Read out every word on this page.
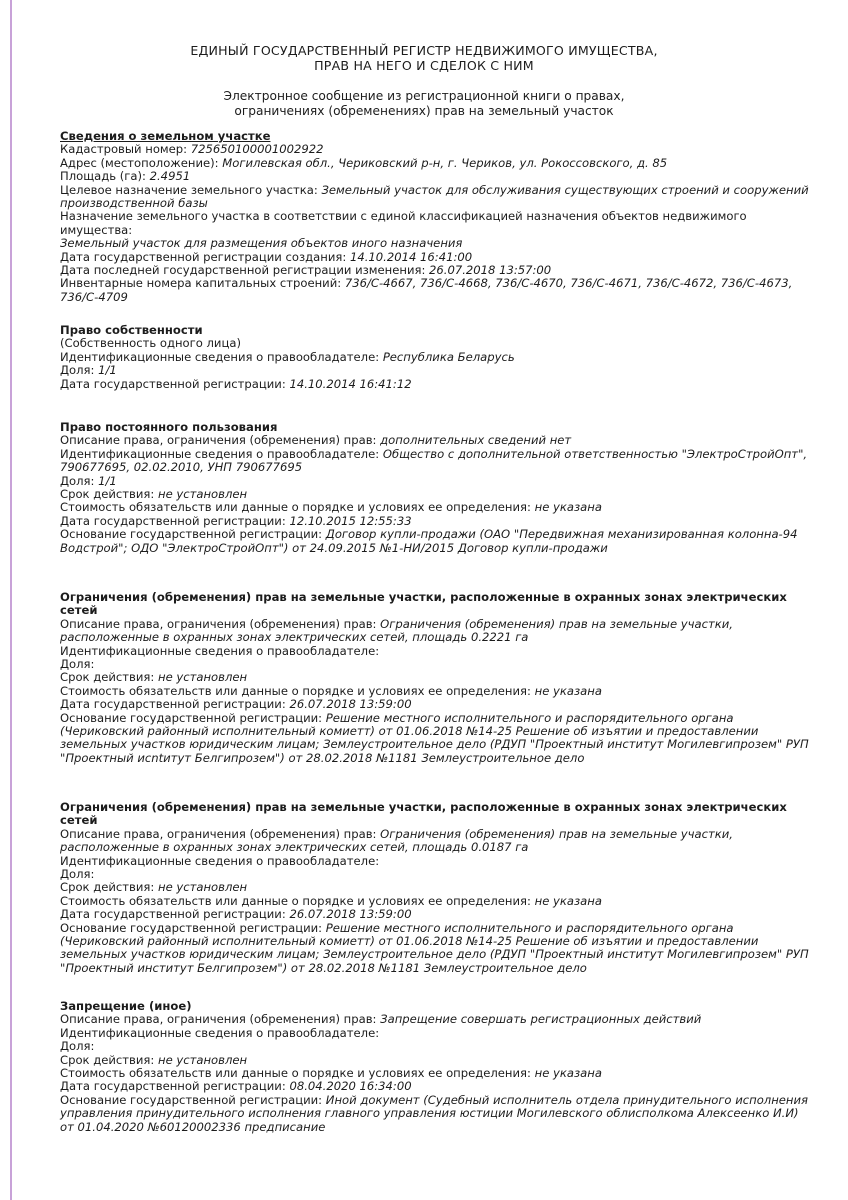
ЕДИНЫЙ ГОСУДАРСТВЕННЫЙ РЕГИСТР НЕДВИЖИМОГО ИМУЩЕСТВА,
ПРАВ НА НЕГО И СДЕЛОК С НИМ
Электронное сообщение из регистрационной книги о правах,
ограничениях (обременениях) прав на земельный участок
Сведения о земельном участке
Кадастровый номер: 725650100001002922
Адрес (местоположение): Могилевская обл., Чериковский р-н, г. Чериков, ул. Рокоссовского, д. 85
Площадь (га): 2.4951
Целевое назначение земельного участка: Земельный участок для обслуживания существующих строений и сооружений производственной базы
Назначение земельного участка в соответствии с единой классификацией назначения объектов недвижимого имущества:
Земельный участок для размещения объектов иного назначения
Дата государственной регистрации создания: 14.10.2014 16:41:00
Дата последней государственной регистрации изменения: 26.07.2018 13:57:00
Инвентарные номера капитальных строений: 736/С-4667, 736/С-4668, 736/С-4670, 736/С-4671, 736/С-4672, 736/С-4673, 736/С-4709
Право собственности
(Собственность одного лица)
Идентификационные сведения о правообладателе: Республика Беларусь
Доля: 1/1
Дата государственной регистрации: 14.10.2014 16:41:12
Право постоянного пользования
Описание права, ограничения (обременения) прав: дополнительных сведений нет
Идентификационные сведения о правообладателе: Общество с дополнительной ответственностью "ЭлектроСтройОпт", 790677695, 02.02.2010, УНП 790677695
Доля: 1/1
Срок действия: не установлен
Стоимость обязательств или данные о порядке и условиях ее определения: не указана
Дата государственной регистрации: 12.10.2015 12:55:33
Основание государственной регистрации: Договор купли-продажи (ОАО "Передвижная механизированная колонна-94 Водстрой"; ОДО "ЭлектроСтройОпт") от 24.09.2015 №1-НИ/2015 Договор купли-продажи
Ограничения (обременения) прав на земельные участки, расположенные в охранных зонах электрических сетей
Описание права, ограничения (обременения) прав: Ограничения (обременения) прав на земельные участки, расположенные в охранных зонах электрических сетей, площадь 0.2221 га
Идентификационные сведения о правообладателе:
Доля:
Срок действия: не установлен
Стоимость обязательств или данные о порядке и условиях ее определения: не указана
Дата государственной регистрации: 26.07.2018 13:59:00
Основание государственной регистрации: Решение местного исполнительного и распорядительного органа (Чериковский районный исполнительный комиетт) от 01.06.2018 №14-25 Решение об изъятии и предоставлении земельных участков юридическим лицам; Землеустроительное дело (РДУП "Проектный институт Могилевгипрозем" РУП "Проектный исntитут Белгипрозем") от 28.02.2018 №1181 Землеустроительное дело
Ограничения (обременения) прав на земельные участки, расположенные в охранных зонах электрических сетей
Описание права, ограничения (обременения) прав: Ограничения (обременения) прав на земельные участки, расположенные в охранных зонах электрических сетей, площадь 0.0187 га
Идентификационные сведения о правообладателе:
Доля:
Срок действия: не установлен
Стоимость обязательств или данные о порядке и условиях ее определения: не указана
Дата государственной регистрации: 26.07.2018 13:59:00
Основание государственной регистрации: Решение местного исполнительного и распорядительного органа (Чериковский районный исполнительный комиетт) от 01.06.2018 №14-25 Решение об изъятии и предоставлении земельных участков юридическим лицам; Землеустроительное дело (РДУП "Проектный институт Могилевгипрозем" РУП "Проектный институт Белгипрозем") от 28.02.2018 №1181 Землеустроительное дело
Запрещение (иное)
Описание права, ограничения (обременения) прав: Запрещение совершать регистрационных действий
Идентификационные сведения о правообладателе:
Доля:
Срок действия: не установлен
Стоимость обязательств или данные о порядке и условиях ее определения: не указана
Дата государственной регистрации: 08.04.2020 16:34:00
Основание государственной регистрации: Иной документ (Судебный исполнитель отдела принудительного исполнения управления принудительного исполнения главного управления юстиции Могилевского облисполкома Алексеенко И.И) от 01.04.2020 №60120002336 предписание
